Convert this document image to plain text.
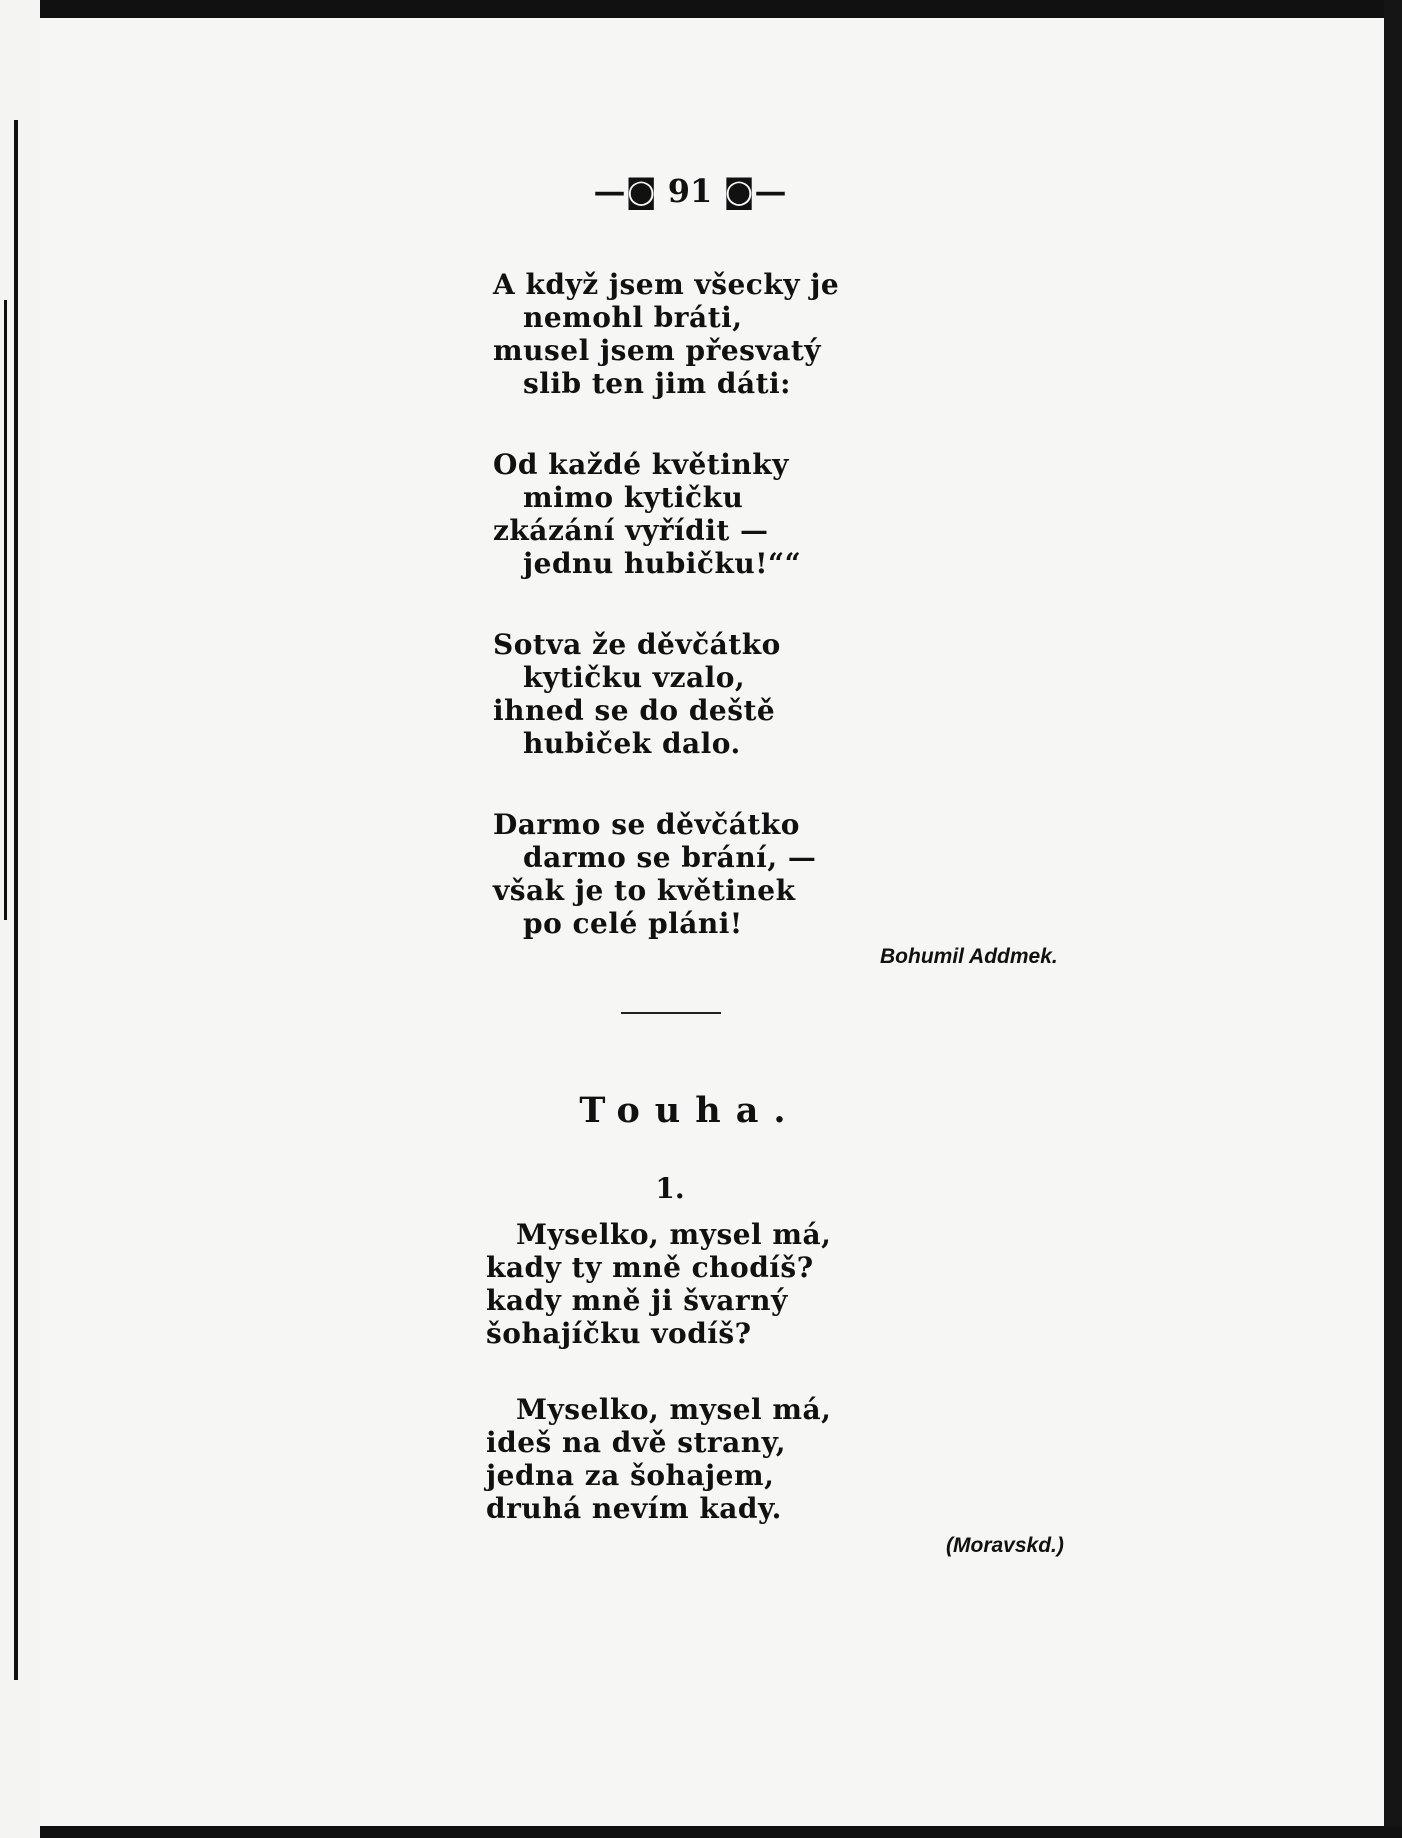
—◙ 91 ◙—
A když jsem všecky je
nemohl bráti,
musel jsem přesvatý
slib ten jim dáti:
Od každé květinky
mimo kytičku
zkázání vyřídit —
jednu hubičku!““
Sotva že děvčátko
kytičku vzalo,
ihned se do deště
hubiček dalo.
Darmo se děvčátko
darmo se brání, —
však je to květinek
po celé pláni!
Bohumil Addmek.
Touha.
1.
Myselko, mysel má,
kady ty mně chodíš?
kady mně ji švarný
šohajíčku vodíš?
Myselko, mysel má,
ideš na dvě strany,
jedna za šohajem,
druhá nevím kady.
(Moravskd.)
